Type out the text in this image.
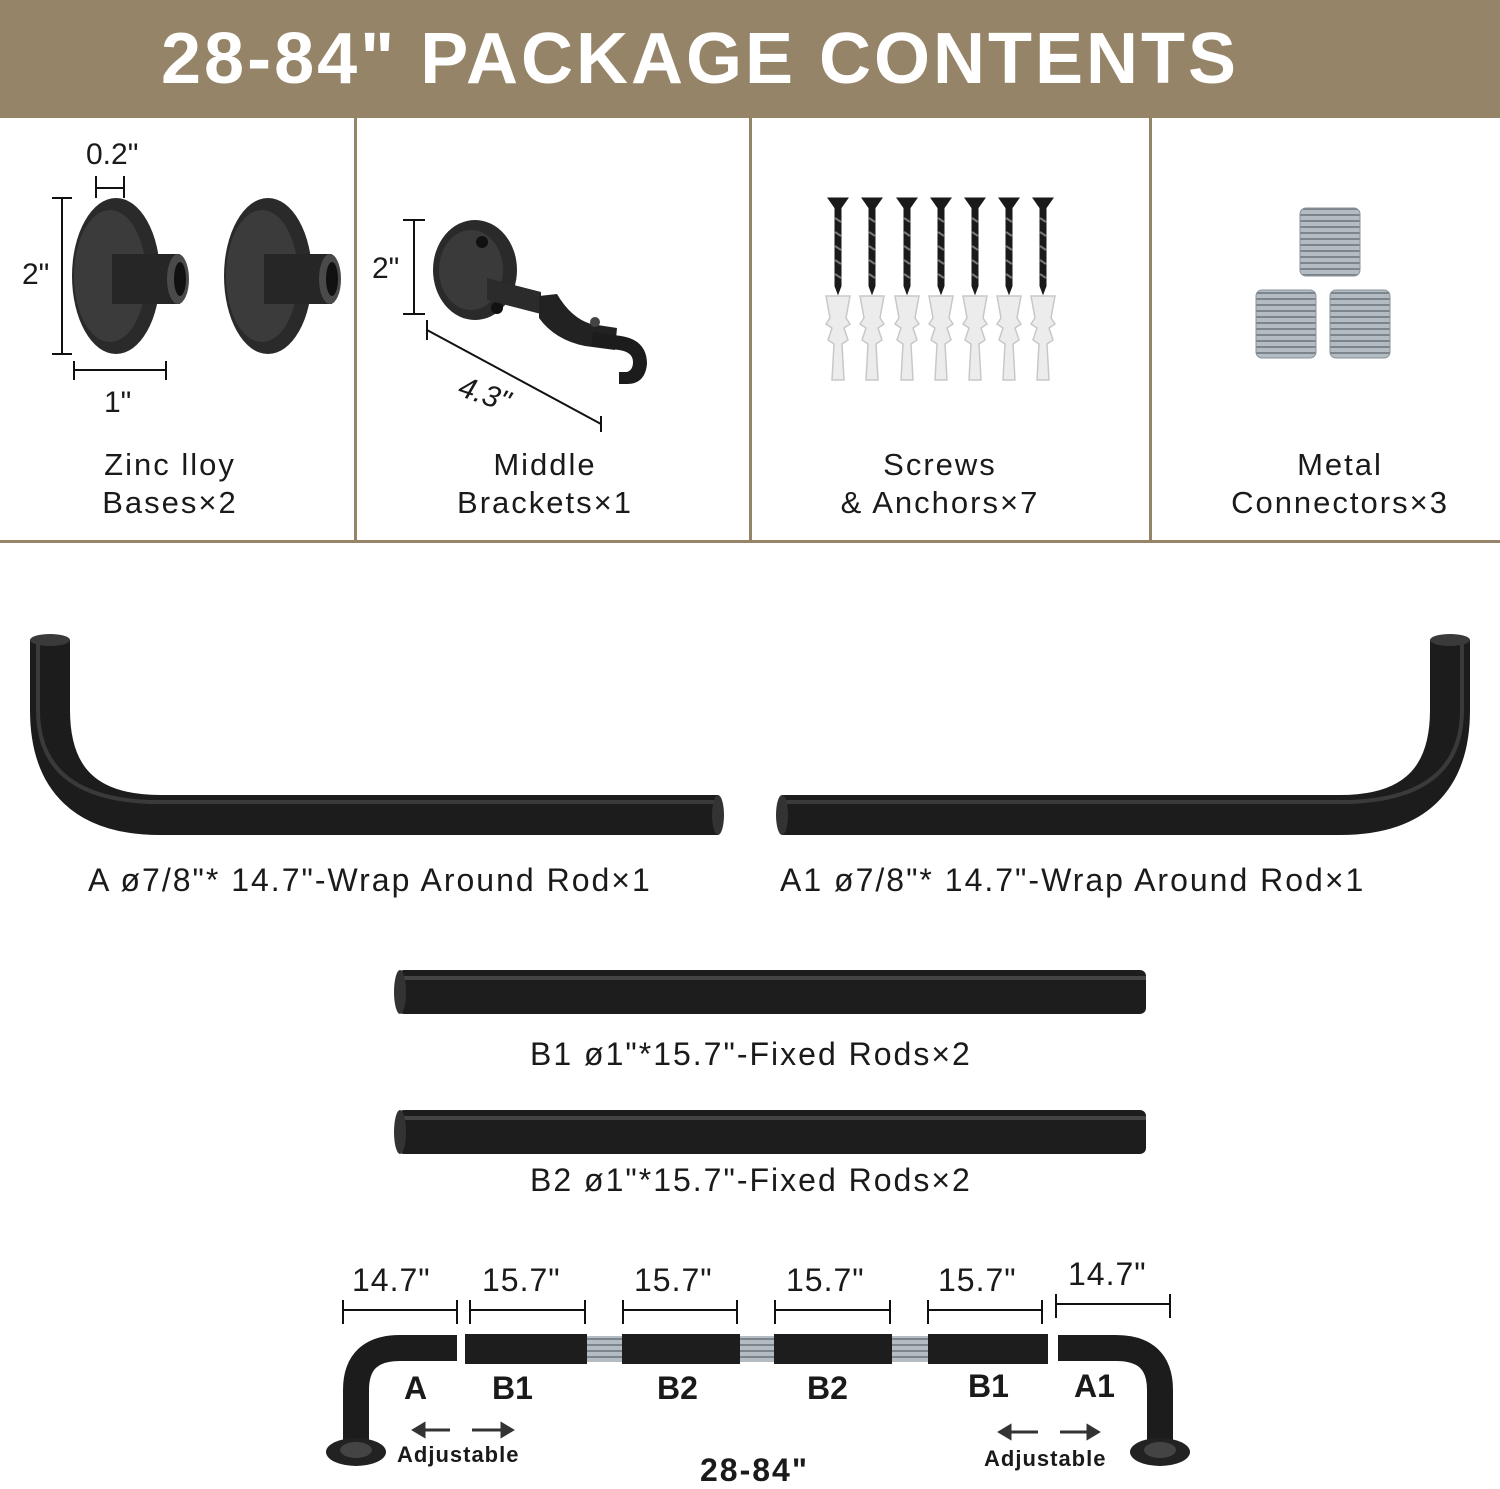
28-84" PACKAGE CONTENTS
0.2"
2"
1"
Zinc lloy
Bases×2
2"
4.3"
Middle
Brackets×1
Screws
& Anchors×7
Metal
Connectors×3
A ø7/8"* 14.7"-Wrap Around Rod×1	A1 ø7/8"* 14.7"-Wrap Around Rod×1
B1 ø1"*15.7"-Fixed Rods×2
B2 ø1"*15.7"-Fixed Rods×2
14.7" 15.7" 15.7" 15.7" 15.7" 14.7"
A B1	B2	B2	B1 A1
Adjustable	Adjustable
28-84"
